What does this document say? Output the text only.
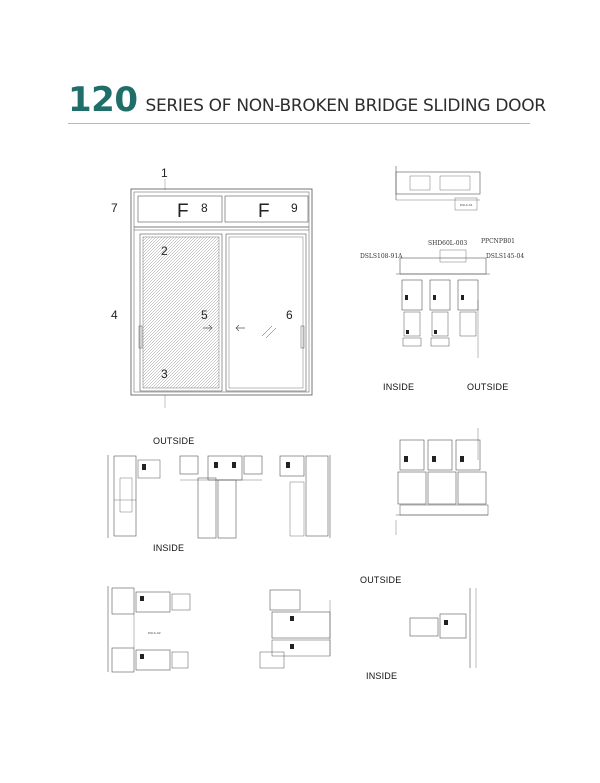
120 SERIES OF NON-BROKEN BRIDGE SLIDING DOOR
F	F
1
2
3
4	5	6
7	8	9	DSLS-01
SHD60L-003 PPCNPB01
DSLS108-91A	DSLS145-04
INSIDE	OUTSIDE
OUTSIDE
INSIDE
DSLS-02
OUTSIDE
INSIDE
